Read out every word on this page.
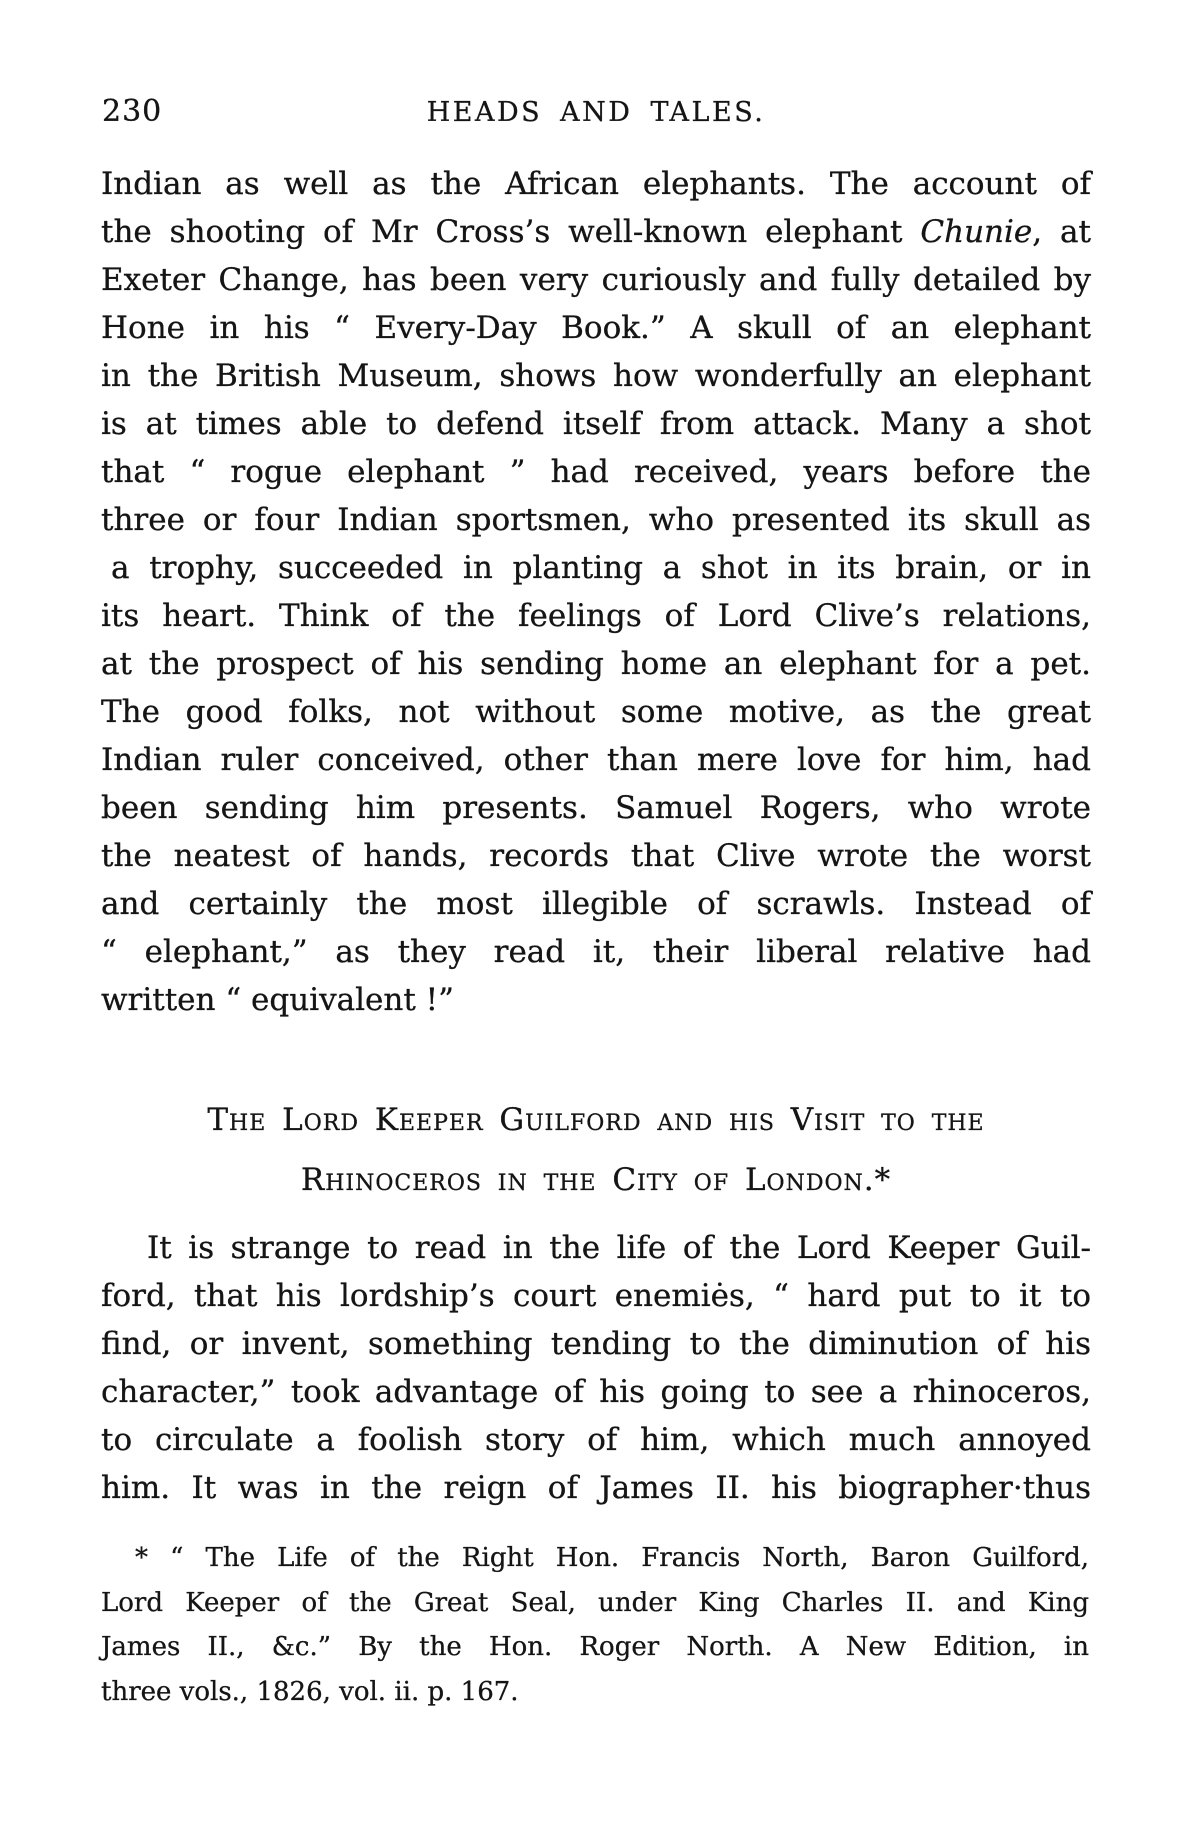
230	HEADS AND TALES.
Indian as well as the African elephants. The account of
the shooting of Mr Cross’s well-known elephant Chunie, at
Exeter Change, has been very curiously and fully detailed by
Hone in his “ Every-Day Book.” A skull of an elephant
in the British Museum, shows how wonderfully an elephant
is at times able to defend itself from attack. Many a shot
that “ rogue elephant ” had received, years before the
three or four Indian sportsmen, who presented its skull as
a trophy, succeeded in planting a shot in its brain, or in
its heart. Think of the feelings of Lord Clive’s relations,
at the prospect of his sending home an elephant for a pet.
The good folks, not without some motive, as the great
Indian ruler conceived, other than mere love for him, had
been sending him presents. Samuel Rogers, who wrote
the neatest of hands, records that Clive wrote the worst
and certainly the most illegible of scrawls. Instead of
“ elephant,” as they read it, their liberal relative had
written “ equivalent !”
The Lord Keeper Guilford and his Visit to the
Rhinoceros in the City of London.*
It is strange to read in the life of the Lord Keeper Guil-
ford, that his lordship’s court enemiės, “ hard put to it to
find, or invent, something tending to the diminution of his
character,” took advantage of his going to see a rhinoceros,
to circulate a foolish story of him, which much annoyed
him. It was in the reign of James II. his biographer·thus
* “ The Life of the Right Hon. Francis North, Baron Guilford,
Lord Keeper of the Great Seal, under King Charles II. and King
James II., &c.” By the Hon. Roger North. A New Edition, in
three vols., 1826, vol. ii. p. 167.
